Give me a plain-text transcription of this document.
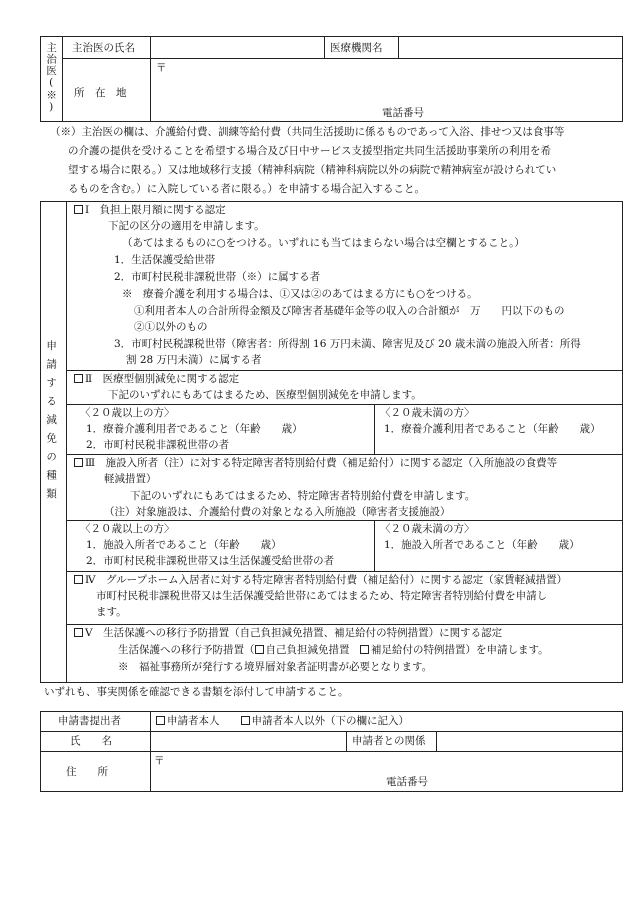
主治医(※) 主治医の氏名	医療機関名
所　在　地
〒
電話番号
（※）主治医の欄は、介護給付費、訓練等給付費（共同生活援助に係るものであって入浴、排せつ又は食事等
の介護の提供を受けることを希望する場合及び日中サービス支援型指定共同生活援助事業所の利用を希
望する場合に限る。）又は地域移行支援（精神科病院（精神科病院以外の病院で精神病室が設けられてい
るものを含む。）に入院している者に限る。）を申請する場合記入すること。
申請する減免の種類
Ⅰ　負担上限月額に関する認定
下記の区分の適用を申請します。
（あてはまるものに○をつける。いずれにも当てはまらない場合は空欄とすること。）
1．生活保護受給世帯
2．市町村民税非課税世帯（※）に属する者
※　療養介護を利用する場合は、①又は②のあてはまる方にも○をつける。
①利用者本人の合計所得金額及び障害者基礎年金等の収入の合計額が　万　　円以下のもの
②①以外のもの
3．市町村民税課税世帯（障害者：所得割 16 万円未満、障害児及び 20 歳未満の施設入所者：所得
割 28 万円未満）に属する者
Ⅱ　医療型個別減免に関する認定
下記のいずれにもあてはまるため、医療型個別減免を申請します。
〈２０歳以上の方〉
1．療養介護利用者であること（年齢　　歳）
2．市町村民税非課税世帯の者
〈２０歳未満の方〉
1．療養介護利用者であること（年齢　　歳）
Ⅲ　施設入所者（注）に対する特定障害者特別給付費（補足給付）に関する認定（入所施設の食費等
軽減措置）
下記のいずれにもあてはまるため、特定障害者特別給付費を申請します。
（注）対象施設は、介護給付費の対象となる入所施設（障害者支援施設）
〈２０歳以上の方〉
1．施設入所者であること（年齢　　歳）
2．市町村民税非課税世帯又は生活保護受給世帯の者
〈２０歳未満の方〉
1．施設入所者であること（年齢　　歳）
Ⅳ　グループホーム入居者に対する特定障害者特別給付費（補足給付）に関する認定（家賃軽減措置）
市町村民税非課税世帯又は生活保護受給世帯にあてはまるため、特定障害者特別給付費を申請し
ます。
Ⅴ　生活保護への移行予防措置（自己負担減免措置、補足給付の特例措置）に関する認定
生活保護への移行予防措置（ 自己負担減免措置　 補足給付の特例措置）を申請します。
※　福祉事務所が発行する境界層対象者証明書が必要となります。
いずれも、事実関係を確認できる書類を添付して申請すること。
申請書提出者	申請者本人　　	申請者本人以外（下の欄に記入）
氏　　名	申請者との関係
住　　所
〒
電話番号
